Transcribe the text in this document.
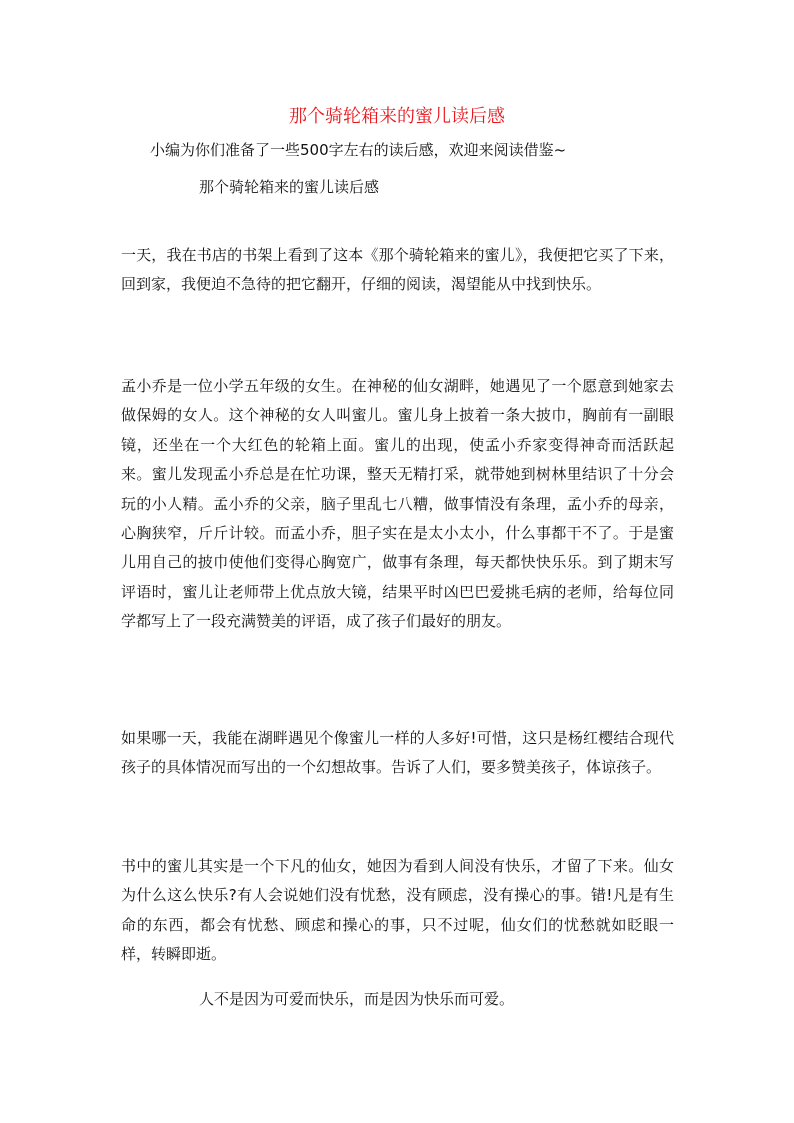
那个骑轮箱来的蜜儿读后感
小编为你们准备了一些500字左右的读后感，欢迎来阅读借鉴~
那个骑轮箱来的蜜儿读后感

一天，我在书店的书架上看到了这本《那个骑轮箱来的蜜儿》，我便把它买了下来，回到家，我便迫不急待的把它翻开，仔细的阅读，渴望能从中找到快乐。

孟小乔是一位小学五年级的女生。在神秘的仙女湖畔，她遇见了一个愿意到她家去做保姆的女人。这个神秘的女人叫蜜儿。蜜儿身上披着一条大披巾，胸前有一副眼镜，还坐在一个大红色的轮箱上面。蜜儿的出现，使孟小乔家变得神奇而活跃起来。蜜儿发现孟小乔总是在忙功课，整天无精打采，就带她到树林里结识了十分会玩的小人精。孟小乔的父亲，脑子里乱七八糟，做事情没有条理，孟小乔的母亲，心胸狭窄，斤斤计较。而孟小乔，胆子实在是太小太小，什么事都干不了。于是蜜儿用自己的披巾使他们变得心胸宽广，做事有条理，每天都快快乐乐。到了期末写评语时，蜜儿让老师带上优点放大镜，结果平时凶巴巴爱挑毛病的老师，给每位同学都写上了一段充满赞美的评语，成了孩子们最好的朋友。

如果哪一天，我能在湖畔遇见个像蜜儿一样的人多好!可惜，这只是杨红樱结合现代孩子的具体情况而写出的一个幻想故事。告诉了人们，要多赞美孩子，体谅孩子。

书中的蜜儿其实是一个下凡的仙女，她因为看到人间没有快乐，才留了下来。仙女为什么这么快乐?有人会说她们没有忧愁，没有顾虑，没有操心的事。错!凡是有生命的东西，都会有忧愁、顾虑和操心的事，只不过呢，仙女们的忧愁就如眨眼一样，转瞬即逝。

人不是因为可爱而快乐，而是因为快乐而可爱。
